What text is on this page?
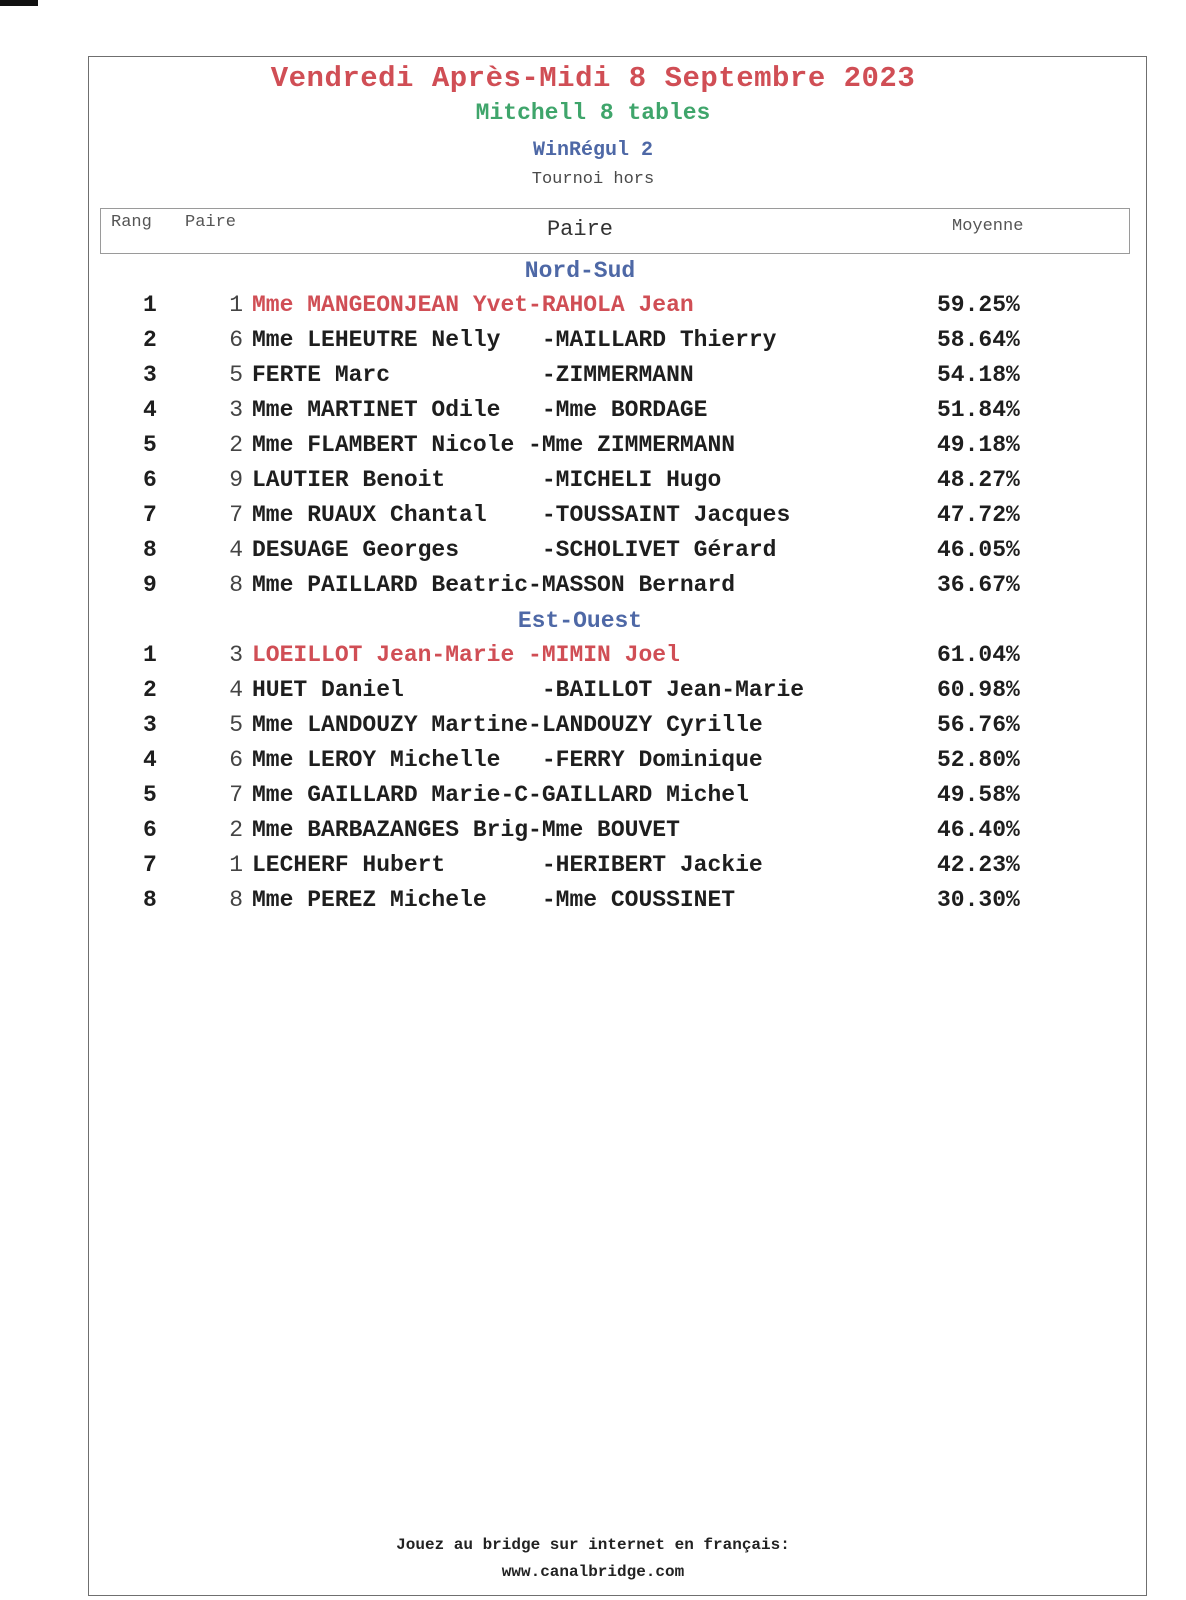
Vendredi Après-Midi 8 Septembre 2023
Mitchell 8 tables
WinRégul 2
Tournoi hors
Rang Paire	Paire	Moyenne
Nord-Sud
1	1 Mme MANGEONJEAN Yvet-RAHOLA Jean	59.25%
2	6 Mme LEHEUTRE Nelly   -MAILLARD Thierry	58.64%
3	5 FERTE Marc           -ZIMMERMANN	54.18%
4	3 Mme MARTINET Odile   -Mme BORDAGE	51.84%
5	2 Mme FLAMBERT Nicole -Mme ZIMMERMANN	49.18%
6	9 LAUTIER Benoit       -MICHELI Hugo	48.27%
7	7 Mme RUAUX Chantal    -TOUSSAINT Jacques	47.72%
8	4 DESUAGE Georges      -SCHOLIVET Gérard	46.05%
9	8 Mme PAILLARD Beatric-MASSON Bernard	36.67%
Est-Ouest
1	3 LOEILLOT Jean-Marie -MIMIN Joel	61.04%
2	4 HUET Daniel          -BAILLOT Jean-Marie	60.98%
3	5 Mme LANDOUZY Martine-LANDOUZY Cyrille	56.76%
4	6 Mme LEROY Michelle   -FERRY Dominique	52.80%
5	7 Mme GAILLARD Marie-C-GAILLARD Michel	49.58%
6	2 Mme BARBAZANGES Brig-Mme BOUVET	46.40%
7	1 LECHERF Hubert       -HERIBERT Jackie	42.23%
8	8 Mme PEREZ Michele    -Mme COUSSINET	30.30%
Jouez au bridge sur internet en français:
www.canalbridge.com
